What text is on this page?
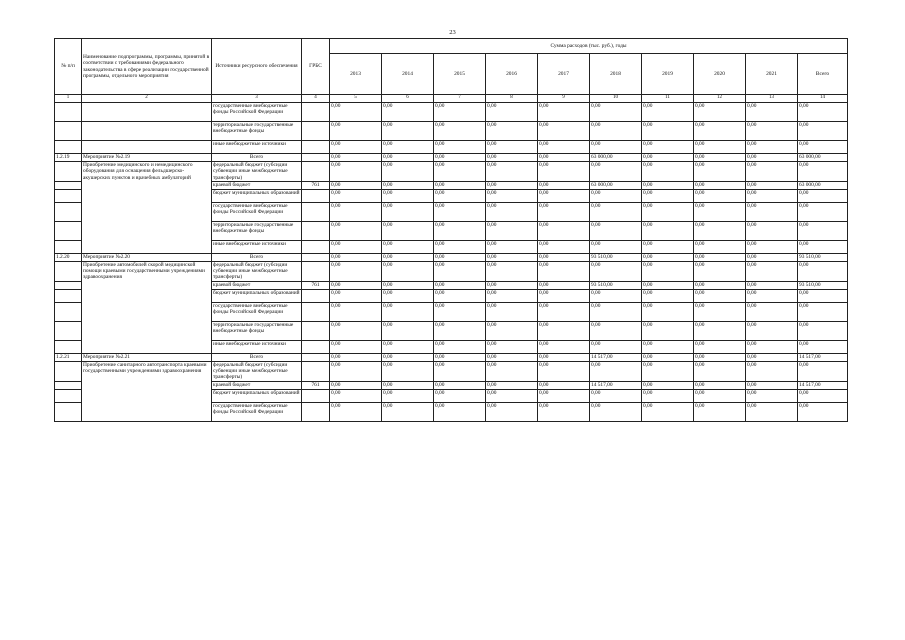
23
№ п/п	Наименование подпрограммы, программы, принятой в соответствии с требованиями федерального законодательства в сфере реализации государственной программы, отдельного мероприятия	Источники ресурсного обеспечения	ГРБС	Сумма расходов (тыс. руб.), годы									
				2013	2014	2015	2016	2017	2018	2019	2020	2021	Всего
1	2	3	4	5	6	7	8	9	10	11	12	13	14
		государственные внебюджетные фонды Российской Федерации		0,00	0,00	0,00	0,00	0,00	0,00	0,00	0,00	0,00	0,00
		территориальные государственные внебюджетные фонды		0,00	0,00	0,00	0,00	0,00	0,00	0,00	0,00	0,00	0,00
		иные внебюджетные источники		0,00	0,00	0,00	0,00	0,00	0,00	0,00	0,00	0,00	0,00
1.2.19	Мероприятие №2.19	Всего		0,00	0,00	0,00	0,00	0,00	63 000,00	0,00	0,00	0,00	63 000,00
	Приобретение медицинского и немедицинского оборудования для оснащения фельдшерско-акушерских пунктов и врачебных амбулаторий	федеральный бюджет (субсидии субвенции иные межбюджетные трансферты)		0,00	0,00	0,00	0,00	0,00	0,00	0,00	0,00	0,00	0,00
		краевой бюджет	761	0,00	0,00	0,00	0,00	0,00	63 000,00	0,00	0,00	0,00	63 000,00
		бюджет муниципальных образований		0,00	0,00	0,00	0,00	0,00	0,00	0,00	0,00	0,00	0,00
		государственные внебюджетные фонды Российской Федерации		0,00	0,00	0,00	0,00	0,00	0,00	0,00	0,00	0,00	0,00
		территориальные государственные внебюджетные фонды		0,00	0,00	0,00	0,00	0,00	0,00	0,00	0,00	0,00	0,00
		иные внебюджетные источники		0,00	0,00	0,00	0,00	0,00	0,00	0,00	0,00	0,00	0,00
1.2.20	Мероприятие №2.20	Всего		0,00	0,00	0,00	0,00	0,00	93 510,00	0,00	0,00	0,00	93 510,00
	Приобретение автомобилей скорой медицинской помощи краевыми государственными учреждениями здравоохранения	федеральный бюджет (субсидии субвенции иные межбюджетные трансферты)		0,00	0,00	0,00	0,00	0,00	0,00	0,00	0,00	0,00	0,00
		краевой бюджет	761	0,00	0,00	0,00	0,00	0,00	93 510,00	0,00	0,00	0,00	93 510,00
		бюджет муниципальных образований		0,00	0,00	0,00	0,00	0,00	0,00	0,00	0,00	0,00	0,00
		государственные внебюджетные фонды Российской Федерации		0,00	0,00	0,00	0,00	0,00	0,00	0,00	0,00	0,00	0,00
		территориальные государственные внебюджетные фонды		0,00	0,00	0,00	0,00	0,00	0,00	0,00	0,00	0,00	0,00
		иные внебюджетные источники		0,00	0,00	0,00	0,00	0,00	0,00	0,00	0,00	0,00	0,00
1.2.21	Мероприятие №2.21	Всего		0,00	0,00	0,00	0,00	0,00	14 517,00	0,00	0,00	0,00	14 517,00
	Приобретение санитарного автотранспорта краевыми государственными учреждениями здравоохранения	федеральный бюджет (субсидии субвенции иные межбюджетные трансферты)		0,00	0,00	0,00	0,00	0,00	0,00	0,00	0,00	0,00	0,00
		краевой бюджет	761	0,00	0,00	0,00	0,00	0,00	14 517,00	0,00	0,00	0,00	14 517,00
		бюджет муниципальных образований		0,00	0,00	0,00	0,00	0,00	0,00	0,00	0,00	0,00	0,00
		государственные внебюджетные фонды Российской Федерации		0,00	0,00	0,00	0,00	0,00	0,00	0,00	0,00	0,00	0,00
